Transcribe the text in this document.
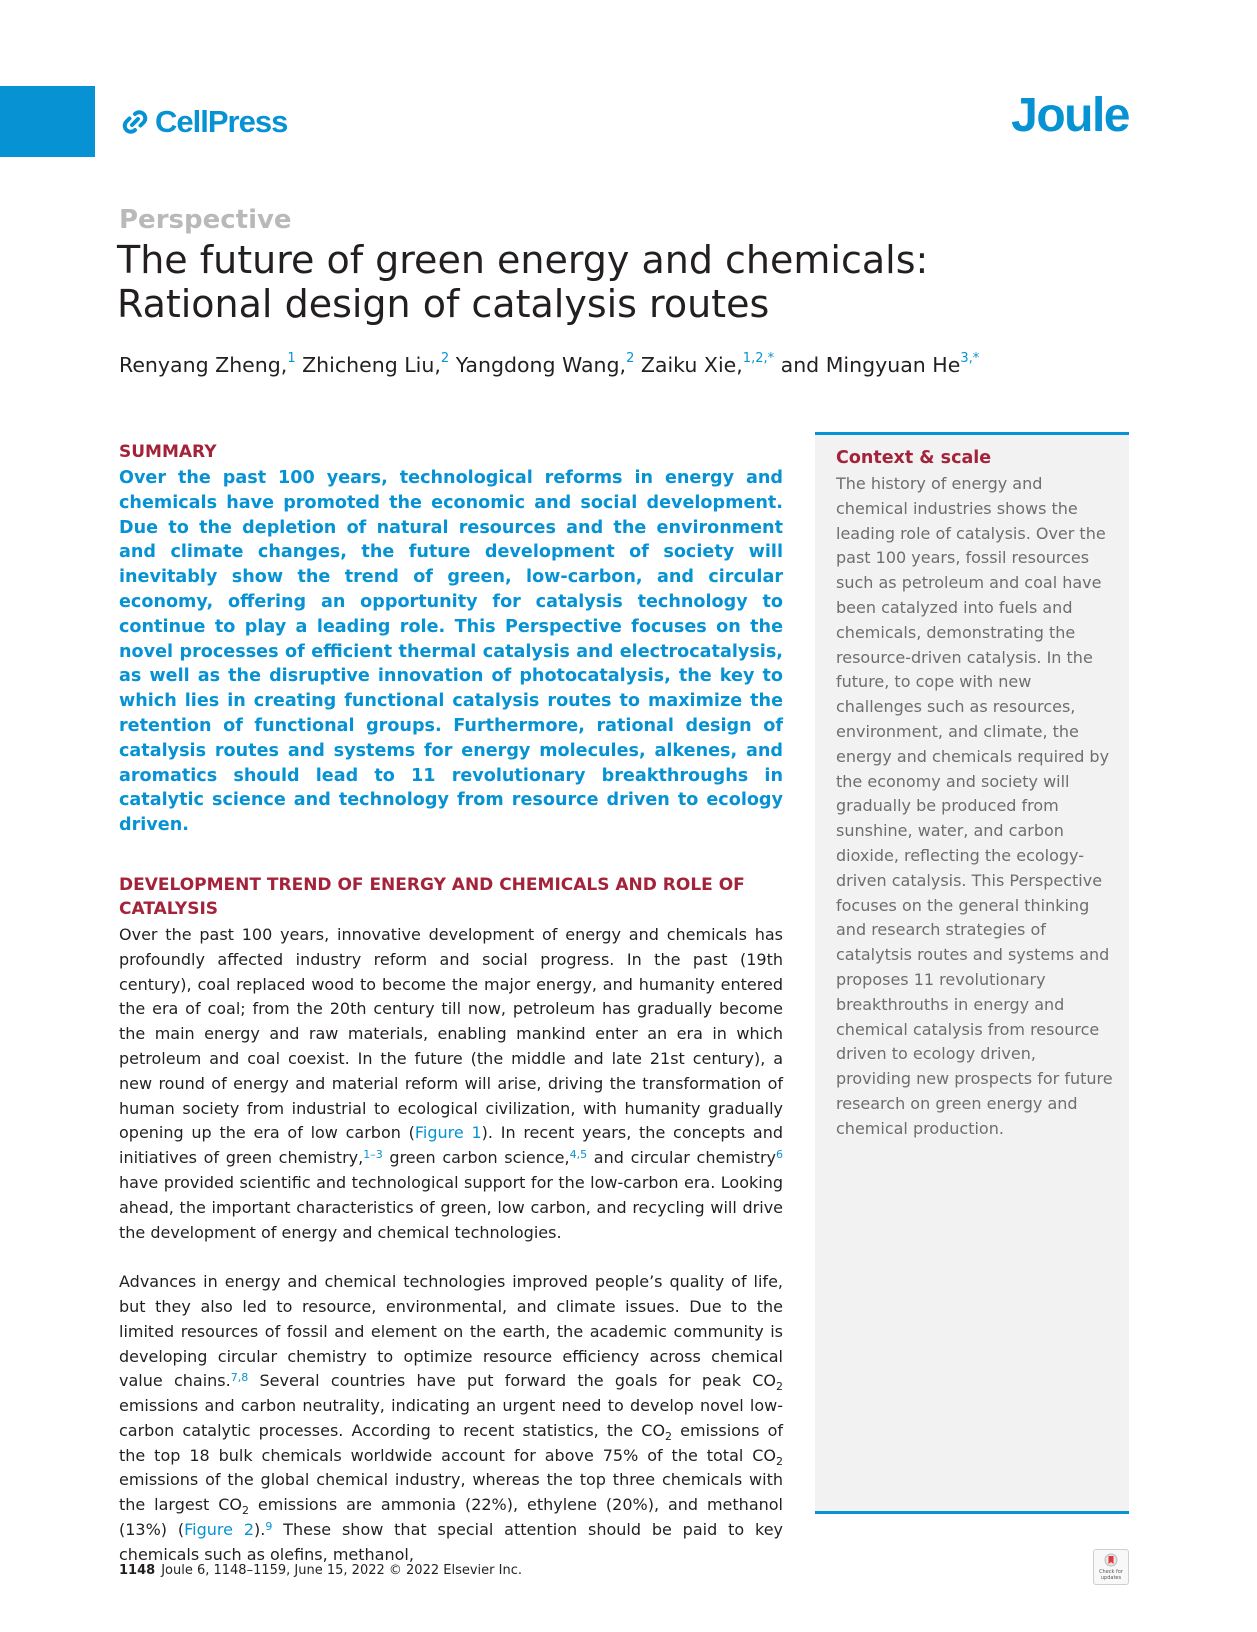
CellPress	Joule
Perspective
The future of green energy and chemicals:
Rational design of catalysis routes
Renyang Zheng,$^1$ Zhicheng Liu,$^2$ Yangdong Wang,$^2$ Zaiku Xie,$^{1,2,*}$ and Mingyuan $He^{3,*}$
SUMMARY

Over the past 100 years, technological reforms in energy and chemicals have promoted the economic and social development. Due to the depletion of natural resources and the environment and climate changes, the future development of society will inevitably show the trend of green, low-carbon, and circular economy, offering an opportunity for catalysis technology to continue to play a leading role. This Perspective focuses on the novel processes of efficient thermal catalysis and electrocatalysis, as well as the disruptive innovation of photocatalysis, the key to which lies in creating functional catalysis routes to maximize the retention of functional groups. Furthermore, rational design of catalysis routes and systems for energy molecules, alkenes, and aromatics should lead to 11 revolutionary breakthroughs in catalytic science and technology from resource driven to ecology driven.

DEVELOPMENT TREND OF ENERGY AND CHEMICALS AND ROLE OF CATALYSIS

Over the past 100 years, innovative development of energy and chemicals has profoundly affected industry reform and social progress. In the past (19th century), coal replaced wood to become the major energy, and humanity entered the era of coal; from the 20th century till now, petroleum has gradually become the main energy and raw materials, enabling mankind enter an era in which petroleum and coal coexist. In the future (the middle and late 21st century), a new round of energy and material reform will arise, driving the transformation of human society from industrial to ecological civilization, with humanity gradually opening up the era of low carbon (Figure 1). In recent years, the concepts and initiatives of green chemistry,$^{1-3}$ green carbon science,$^{4,5}$ and circular chemistry$^6$ have provided scientific and technological support for the low-carbon era. Looking ahead, the important characteristics of green, low carbon, and recycling will drive the development of energy and chemical technologies.

Advances in energy and chemical technologies improved people’s quality of life, but they also led to resource, environmental, and climate issues. Due to the limited resources of fossil and element on the earth, the academic community is developing circular chemistry to optimize resource efficiency across chemical value chains.$^{7,8}$ Several countries have put forward the goals for peak $CO_2$ emissions and carbon neutrality, indicating an urgent need to develop novel low-carbon catalytic processes. According to recent statistics, the $CO_2$ emissions of the top 18 bulk chemicals worldwide account for above 75% of the total $CO_2$ emissions of the global chemical industry, whereas the top three chemicals with the largest $CO_2$ emissions are ammonia (22%), ethylene (20%), and methanol (13%) (Figure 2).$^9$ These show that special attention should be paid to key chemicals such as olefins, methanol,

Context & scale

The history of energy and chemical industries shows the leading role of catalysis. Over the past 100 years, fossil resources such as petroleum and coal have been catalyzed into fuels and chemicals, demonstrating the resource-driven catalysis. In the future, to cope with new challenges such as resources, environment, and climate, the energy and chemicals required by the economy and society will gradually be produced from sunshine, water, and carbon dioxide, reflecting the ecology-driven catalysis. This Perspective focuses on the general thinking and research strategies of catalytsis routes and systems and proposes 11 revolutionary breakthrouths in energy and chemical catalysis from resource driven to ecology driven, providing new prospects for future research on green energy and chemical production.

1148 Joule 6, 1148–1159, June 15, 2022 © 2022 Elsevier Inc.	Check for updates
